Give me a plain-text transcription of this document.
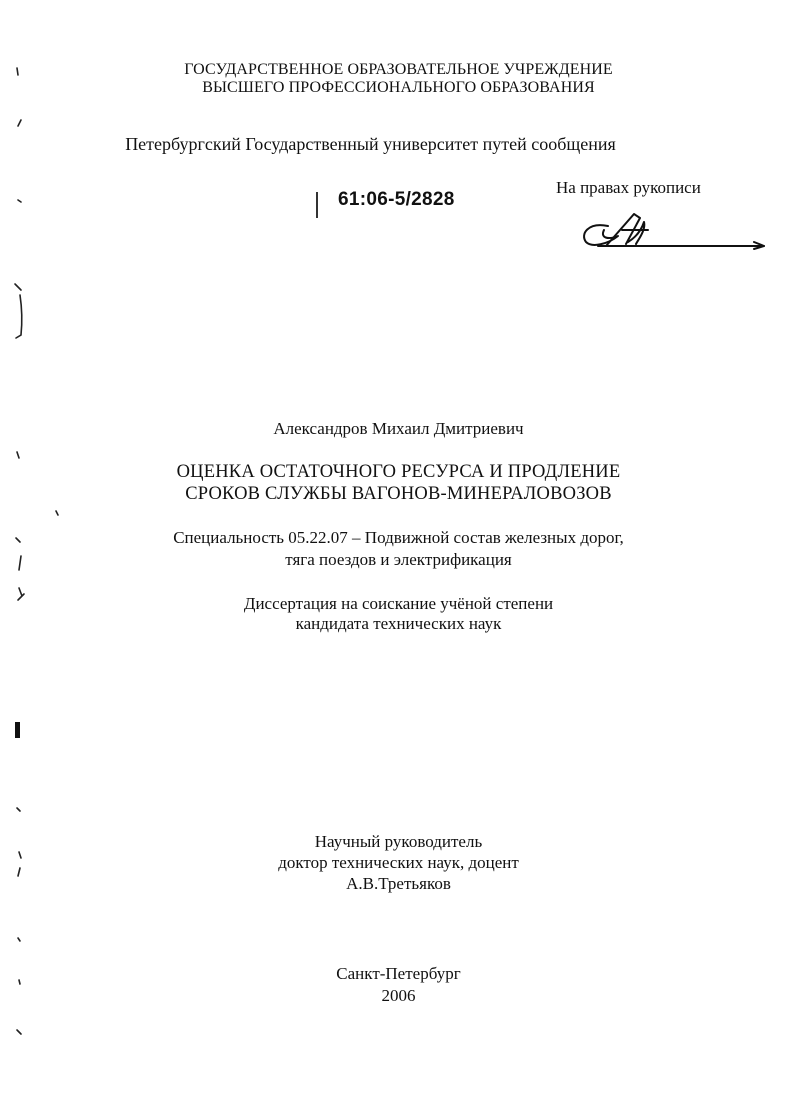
ГОСУДАРСТВЕННОЕ ОБРАЗОВАТЕЛЬНОЕ УЧРЕЖДЕНИЕ
ВЫСШЕГО ПРОФЕССИОНАЛЬНОГО ОБРАЗОВАНИЯ
Петербургский Государственный университет путей сообщения
61:06-5/2828
На правах рукописи
Александров Михаил Дмитриевич
ОЦЕНКА ОСТАТОЧНОГО РЕСУРСА И ПРОДЛЕНИЕ
СРОКОВ СЛУЖБЫ ВАГОНОВ-МИНЕРАЛОВОЗОВ
Специальность 05.22.07 – Подвижной состав железных дорог,
тяга поездов и электрификация
Диссертация на соискание учёной степени
кандидата технических наук
Научный руководитель
доктор технических наук, доцент
А.В.Третьяков
Санкт-Петербург
2006
